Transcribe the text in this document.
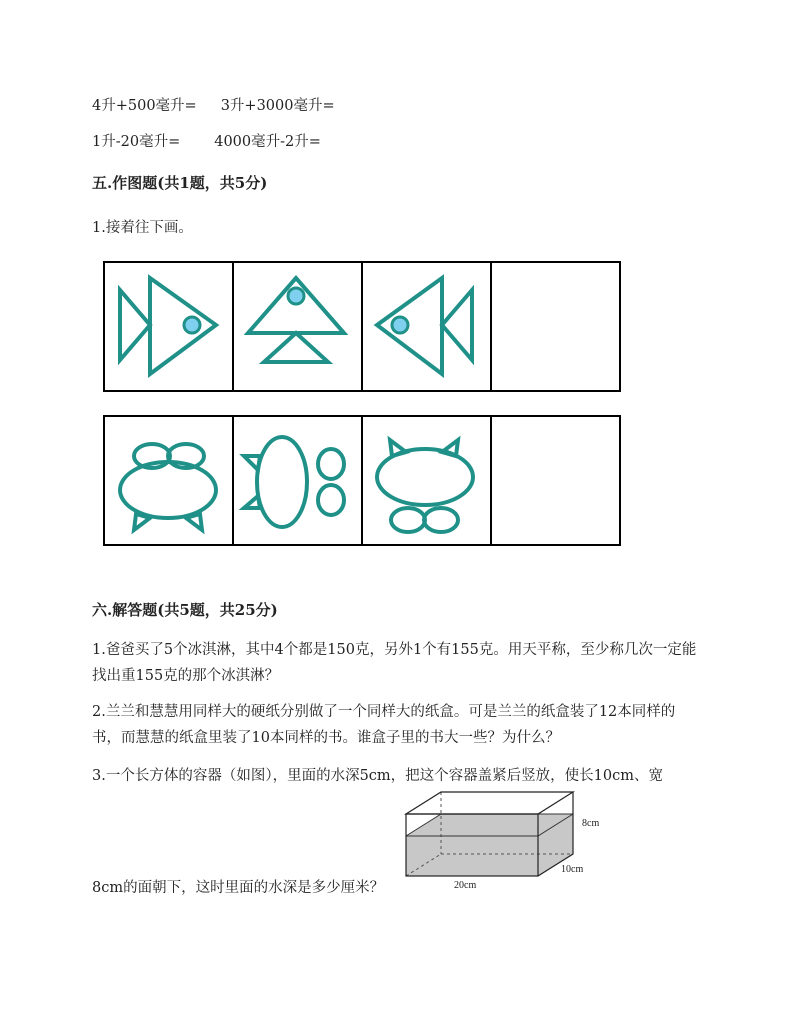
4升+500毫升= 3升+3000毫升=
1升-20毫升= 4000毫升-2升=
五.作图题(共1题，共5分)
1.接着往下画。
六.解答题(共5题，共25分)
1.爸爸买了5个冰淇淋，其中4个都是150克，另外1个有155克。用天平称，至少称几次一定能找出重155克的那个冰淇淋？
2.兰兰和慧慧用同样大的硬纸分别做了一个同样大的纸盒。可是兰兰的纸盒装了12本同样的书，而慧慧的纸盒里装了10本同样的书。谁盒子里的书大一些？为什么？
3.一个长方体的容器（如图），里面的水深5cm，把这个容器盖紧后竖放，使长10cm、宽
8cm
10cm
20cm
8cm的面朝下，这时里面的水深是多少厘米？
